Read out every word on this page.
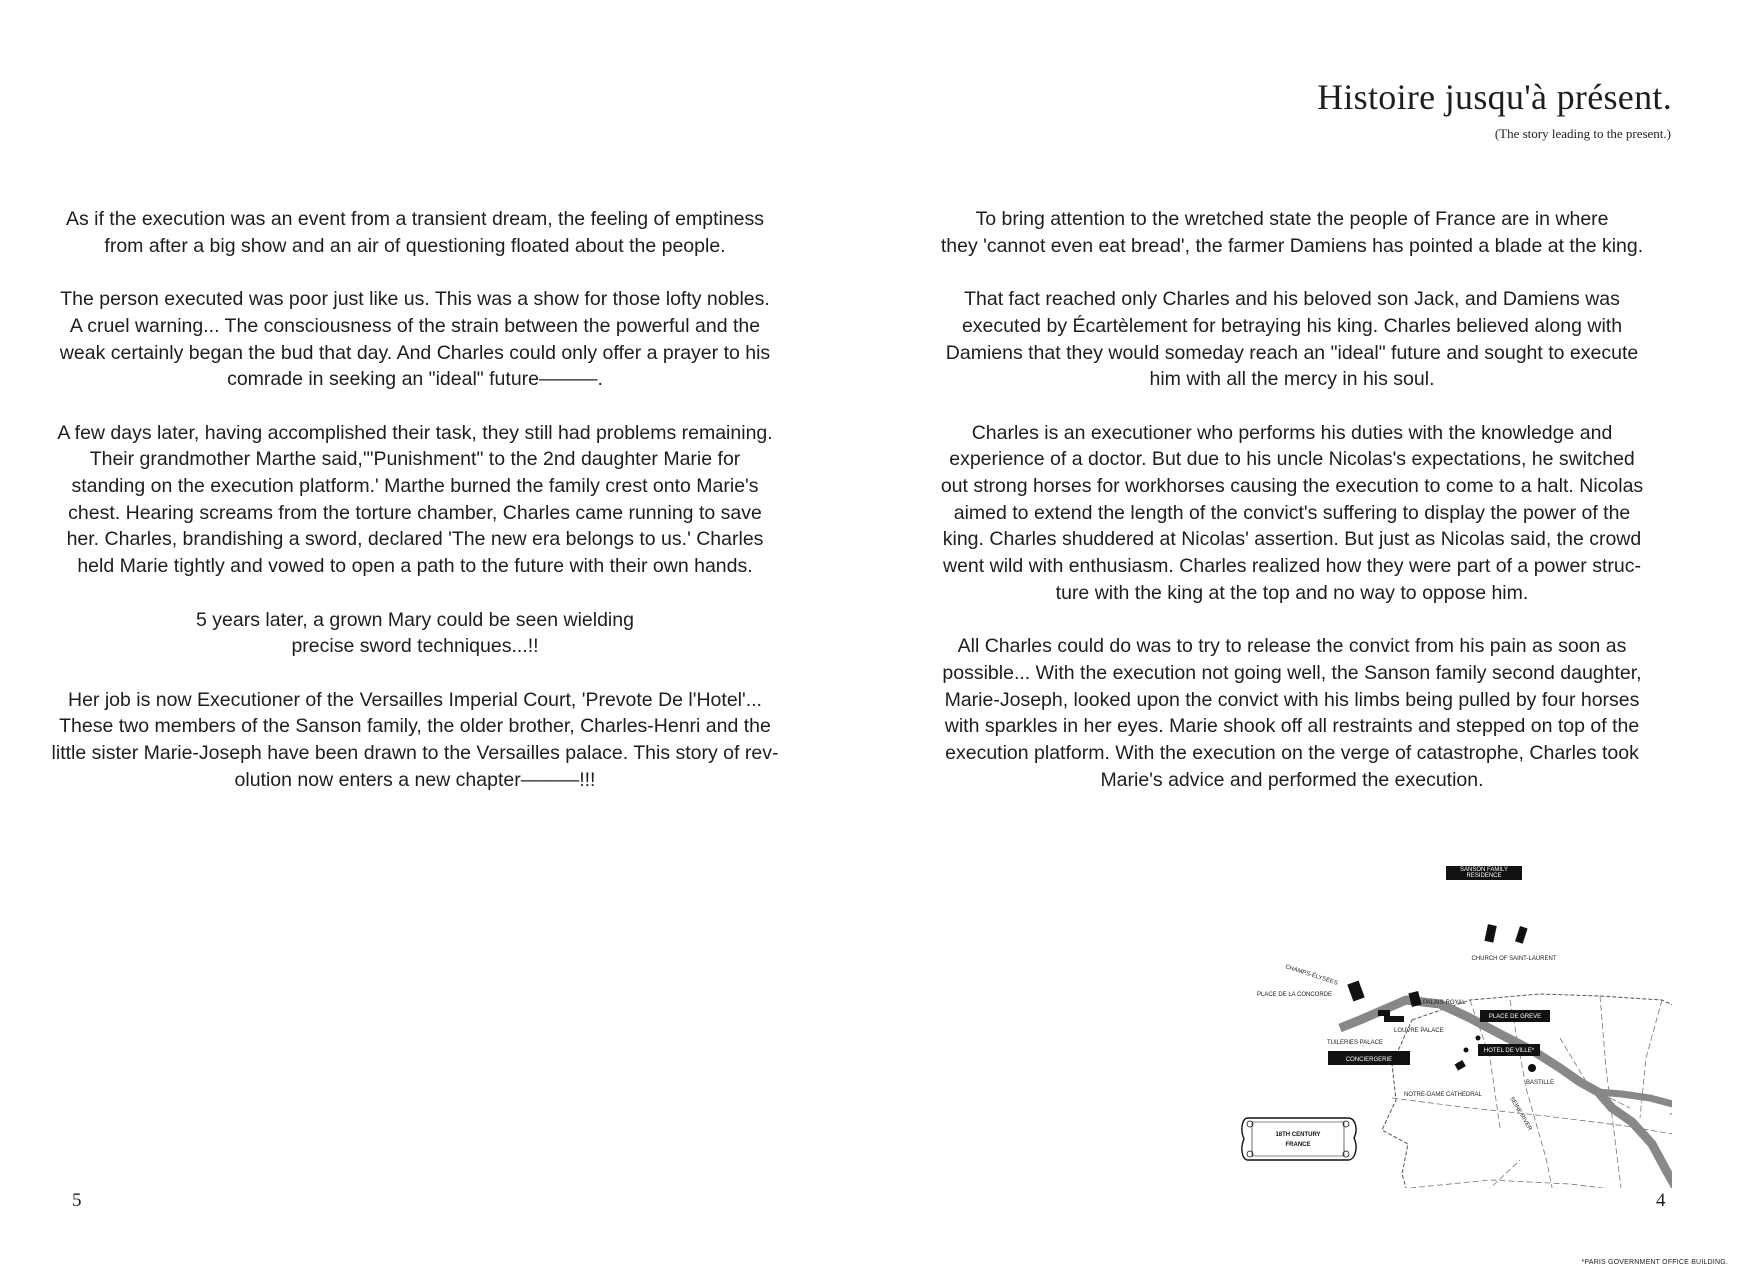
Histoire jusqu'à présent.
(The story leading to the present.)

As if the execution was an event from a transient dream, the feeling of emptiness
from after a big show and an air of questioning floated about the people.

The person executed was poor just like us. This was a show for those lofty nobles.
A cruel warning... The consciousness of the strain between the powerful and the
weak certainly began the bud that day. And Charles could only offer a prayer to his
comrade in seeking an "ideal" future———.

A few days later, having accomplished their task, they still had problems remaining.
Their grandmother Marthe said,'"Punishment" to the 2nd daughter Marie for
standing on the execution platform.' Marthe burned the family crest onto Marie's
chest. Hearing screams from the torture chamber, Charles came running to save
her. Charles, brandishing a sword, declared 'The new era belongs to us.' Charles
held Marie tightly and vowed to open a path to the future with their own hands.

5 years later, a grown Mary could be seen wielding
precise sword techniques...!!

Her job is now Executioner of the Versailles Imperial Court, 'Prevote De l'Hotel'...
These two members of the Sanson family, the older brother, Charles-Henri and the
little sister Marie-Joseph have been drawn to the Versailles palace. This story of rev-
olution now enters a new chapter———!!!

To bring attention to the wretched state the people of France are in where
they 'cannot even eat bread', the farmer Damiens has pointed a blade at the king.

That fact reached only Charles and his beloved son Jack, and Damiens was
executed by Écartèlement for betraying his king. Charles believed along with
Damiens that they would someday reach an "ideal" future and sought to execute
him with all the mercy in his soul.

Charles is an executioner who performs his duties with the knowledge and
experience of a doctor. But due to his uncle Nicolas's expectations, he switched
out strong horses for workhorses causing the execution to come to a halt. Nicolas
aimed to extend the length of the convict's suffering to display the power of the
king. Charles shuddered at Nicolas' assertion. But just as Nicolas said, the crowd
went wild with enthusiasm. Charles realized how they were part of a power struc-
ture with the king at the top and no way to oppose him.

All Charles could do was to try to release the convict from his pain as soon as
possible... With the execution not going well, the Sanson family second daughter,
Marie-Joseph, looked upon the convict with his limbs being pulled by four horses
with sparkles in her eyes. Marie shook off all restraints and stepped on top of the
execution platform. With the execution on the verge of catastrophe, Charles took
Marie's advice and performed the execution.

SANSON FAMILY
RESIDENCE
CHURCH OF SAINT-LAURENT
CHAMPS-ÉLYSÉES
PLACE DE LA CONCORDE
PALAIS-ROYAL
PLACE DE GREVE
LOUVRE PALACE
TUILERIES PALACE
HOTEL DE VILLE*
CONCIERGERIE
BASTILLE
NOTRE-DAME CATHEDRAL
SEINE RIVER
18TH CENTURY
FRANCE
5	4
*PARIS GOVERNMENT OFFICE BUILDING.
